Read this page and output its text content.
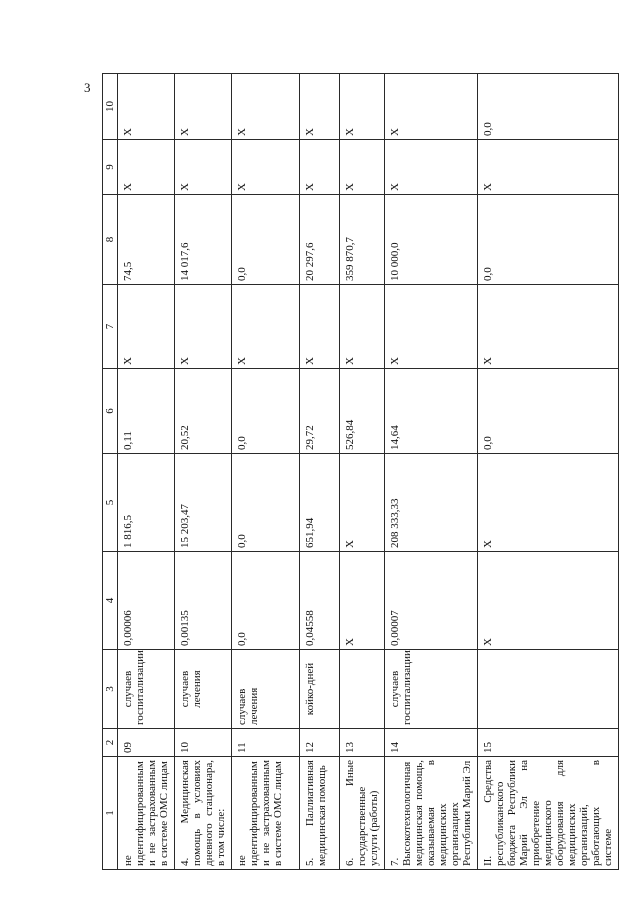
3
1	2	3	4	5	6	7	8	9	10
не идентифицированным и не застрахованным в системе ОМС лицам	09	случаев госпитализации	0,00006	1 816,5	0,11	Х	74,5	Х	Х
4. Медицинская помощь в условиях дневного стационара, в том числе:	10	случаев лечения	0,00135	15 203,47	20,52	Х	14 017,6	Х	Х
не идентифицированным и не застрахованным в системе ОМС лицам	11	случаев лечения	0,0	0,0	0,0	Х	0,0	Х	Х
5. Паллиативная медицинская помощь	12	койко-дней	0,04558	651,94	29,72	Х	20 297,6	Х	Х
6. Иные государственные услуги (работы)	13		Х	Х	526,84	Х	359 870,7	Х	Х
7. Высокотехнологичная медицинская помощь, оказываемая в медицинских организациях Республики Марий Эл	14	случаев госпитализации	0,00007	208 333,33	14,64	Х	10 000,0	Х	Х
II. Средства республиканского бюджета Республики Марий Эл на приобретение медицинского оборудования для медицинских организаций, работающих в системе	15		Х	Х	0,0	Х	0,0	Х	0,0
